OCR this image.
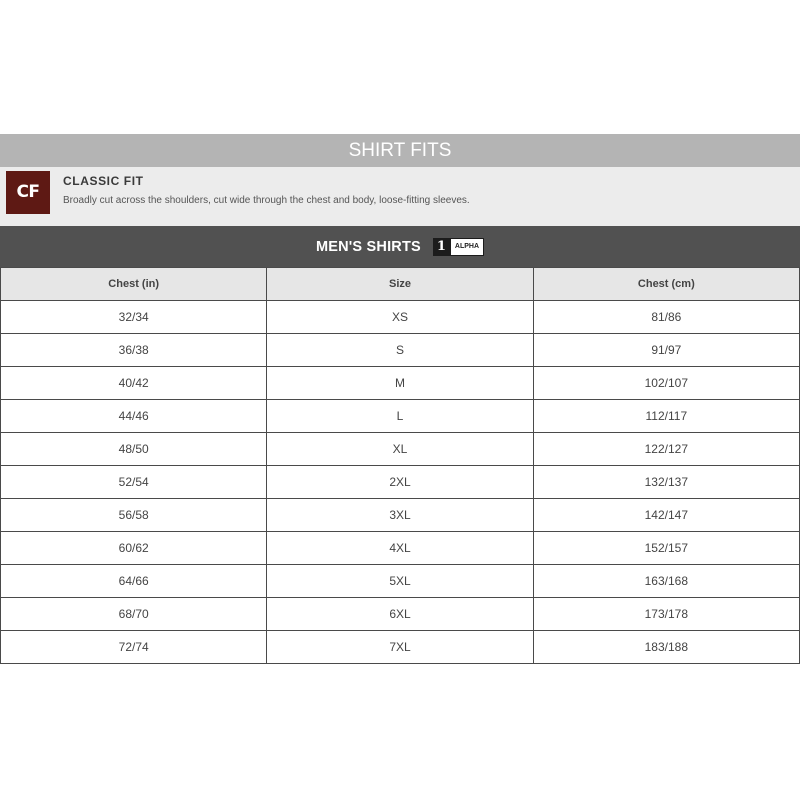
SHIRT FITS
CF
CLASSIC FIT
Broadly cut across the shoulders, cut wide through the chest and body, loose-fitting sleeves.
MEN'S SHIRTS	1	ALPHA
Chest (in)	Size	Chest (cm)
32/34	XS	81/86
36/38	S	91/97
40/42	M	102/107
44/46	L	112/117
48/50	XL	122/127
52/54	2XL	132/137
56/58	3XL	142/147
60/62	4XL	152/157
64/66	5XL	163/168
68/70	6XL	173/178
72/74	7XL	183/188
